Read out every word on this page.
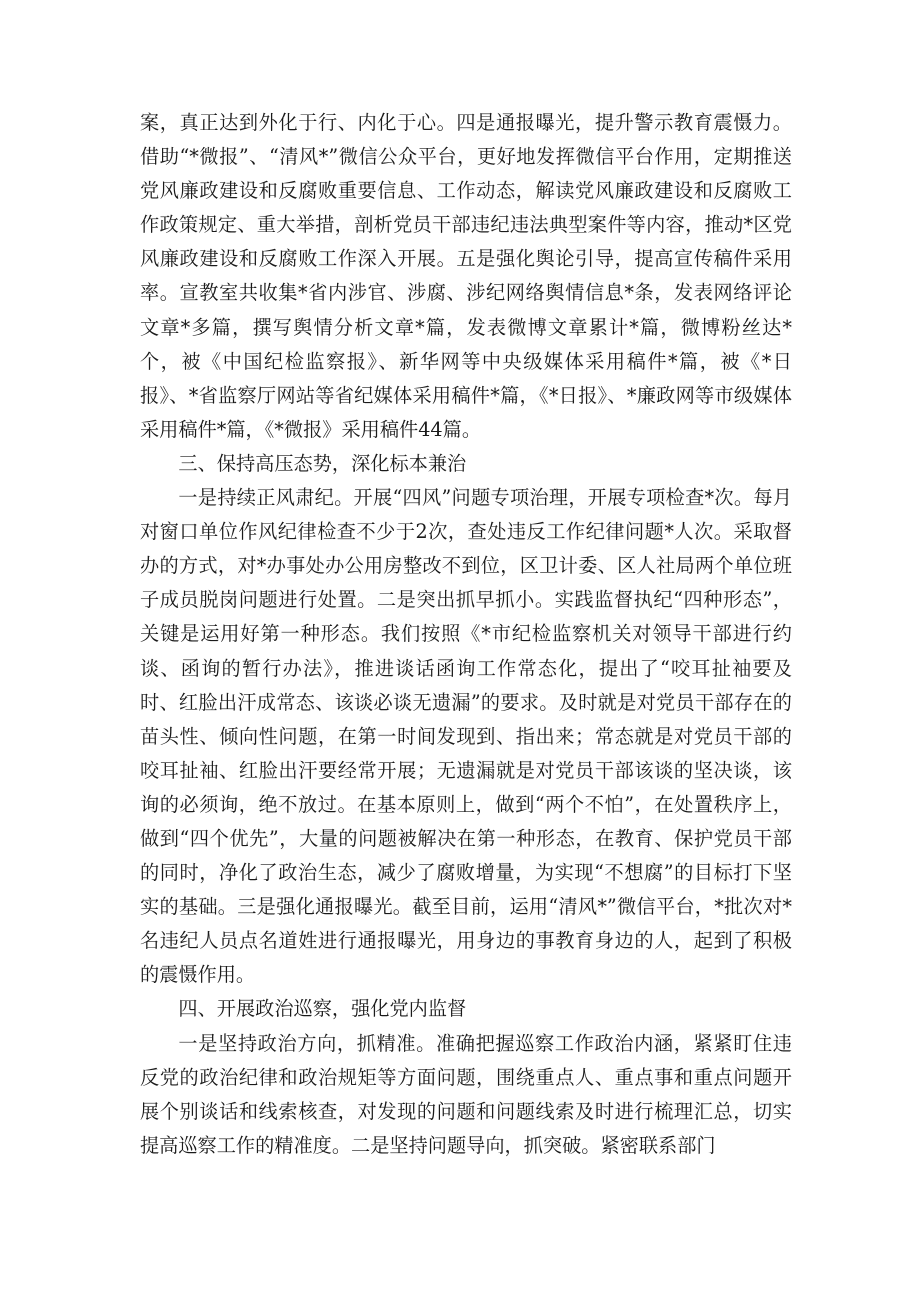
案，真正达到外化于行、内化于心。四是通报曝光，提升警示教育震慑力。借助“*微报”、“清风*”微信公众平台，更好地发挥微信平台作用，定期推送党风廉政建设和反腐败重要信息、工作动态，解读党风廉政建设和反腐败工作政策规定、重大举措，剖析党员干部违纪违法典型案件等内容，推动*区党风廉政建设和反腐败工作深入开展。五是强化舆论引导，提高宣传稿件采用率。宣教室共收集*省内涉官、涉腐、涉纪网络舆情信息*条，发表网络评论文章*多篇，撰写舆情分析文章*篇，发表微博文章累计*篇，微博粉丝达*个，被《中国纪检监察报》、新华网等中央级媒体采用稿件*篇，被《*日报》、*省监察厅网站等省纪媒体采用稿件*篇，《*日报》、*廉政网等市级媒体采用稿件*篇，《*微报》采用稿件44篇。

三、保持高压态势，深化标本兼治

一是持续正风肃纪。开展“四风”问题专项治理，开展专项检查*次。每月对窗口单位作风纪律检查不少于2次，查处违反工作纪律问题*人次。采取督办的方式，对*办事处办公用房整改不到位，区卫计委、区人社局两个单位班子成员脱岗问题进行处置。二是突出抓早抓小。实践监督执纪“四种形态”，关键是运用好第一种形态。我们按照《*市纪检监察机关对领导干部进行约谈、函询的暂行办法》，推进谈话函询工作常态化，提出了“咬耳扯袖要及时、红脸出汗成常态、该谈必谈无遗漏”的要求。及时就是对党员干部存在的苗头性、倾向性问题，在第一时间发现到、指出来；常态就是对党员干部的咬耳扯袖、红脸出汗要经常开展；无遗漏就是对党员干部该谈的坚决谈，该询的必须询，绝不放过。在基本原则上，做到“两个不怕”，在处置秩序上，做到“四个优先”，大量的问题被解决在第一种形态，在教育、保护党员干部的同时，净化了政治生态，减少了腐败增量，为实现“不想腐”的目标打下坚实的基础。三是强化通报曝光。截至目前，运用“清风*”微信平台，*批次对*名违纪人员点名道姓进行通报曝光，用身边的事教育身边的人，起到了积极的震慑作用。

四、开展政治巡察，强化党内监督

一是坚持政治方向，抓精准。准确把握巡察工作政治内涵，紧紧盯住违反党的政治纪律和政治规矩等方面问题，围绕重点人、重点事和重点问题开展个别谈话和线索核查，对发现的问题和问题线索及时进行梳理汇总，切实提高巡察工作的精准度。二是坚持问题导向，抓突破。紧密联系部门
